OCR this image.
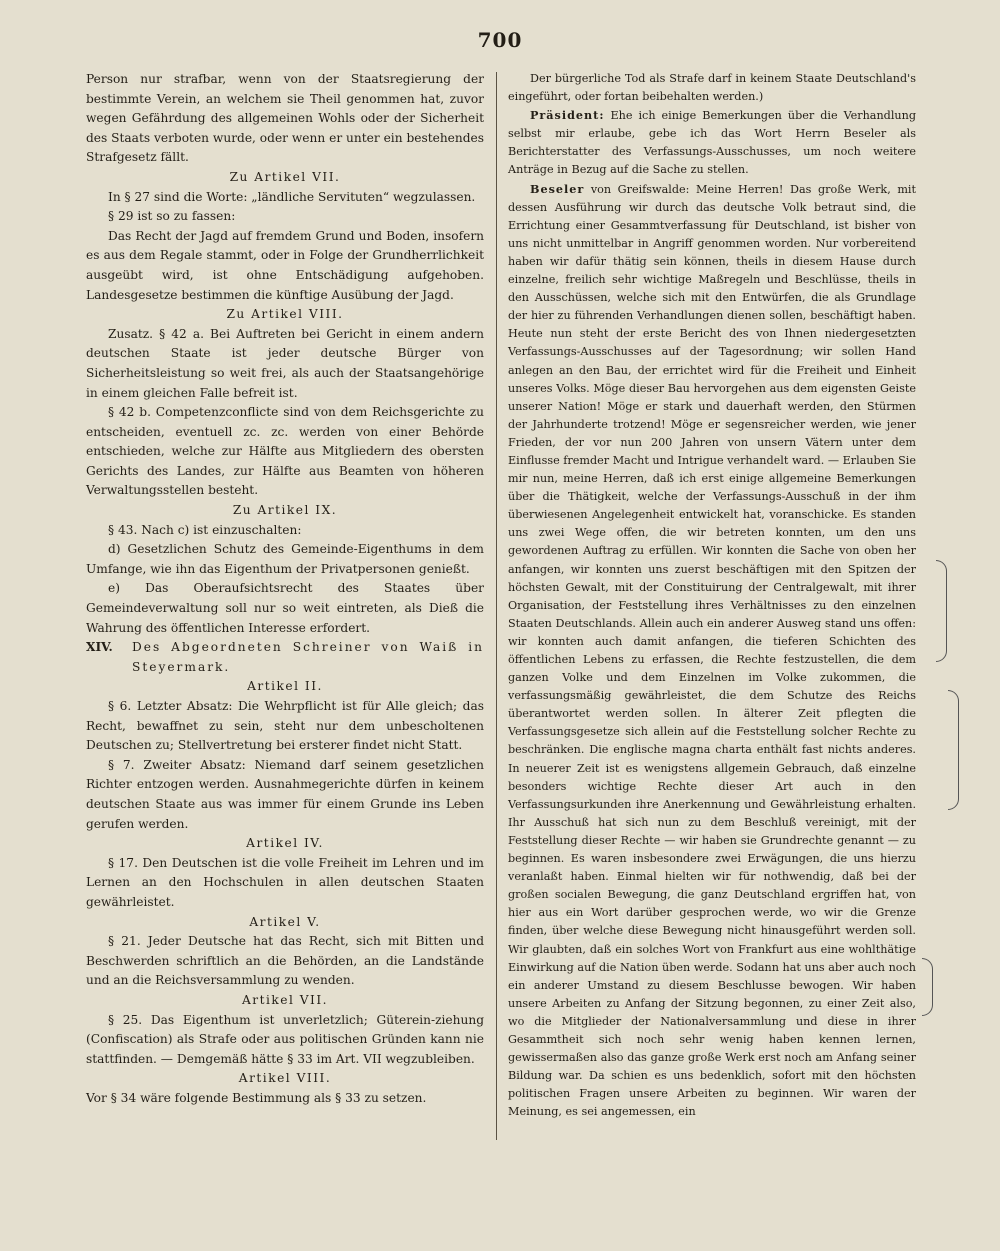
700

Person nur strafbar, wenn von der Staatsregierung der bestimmte Verein, an welchem sie Theil genommen hat, zuvor wegen Gefährdung des allgemeinen Wohls oder der Sicherheit des Staats verboten wurde, oder wenn er unter ein bestehendes Strafgesetz fällt.

Zu Artikel VII.

In § 27 sind die Worte: „ländliche Servituten“ wegzulassen.

§ 29 ist so zu fassen:

Das Recht der Jagd auf fremdem Grund und Boden, insofern es aus dem Regale stammt, oder in Folge der Grundherrlichkeit ausgeübt wird, ist ohne Entschädigung aufgehoben. Landesgesetze bestimmen die künftige Ausübung der Jagd.

Zu Artikel VIII.

Zusatz. § 42 a. Bei Auftreten bei Gericht in einem andern deutschen Staate ist jeder deutsche Bürger von Sicherheitsleistung so weit frei, als auch der Staatsangehörige in einem gleichen Falle befreit ist.

§ 42 b. Competenzconflicte sind von dem Reichsgerichte zu entscheiden, eventuell zc. zc. werden von einer Behörde entschieden, welche zur Hälfte aus Mitgliedern des obersten Gerichts des Landes, zur Hälfte aus Beamten von höheren Verwaltungsstellen besteht.

Zu Artikel IX.

§ 43. Nach c) ist einzuschalten:

d) Gesetzlichen Schutz des Gemeinde-Eigenthums in dem Umfange, wie ihn das Eigenthum der Privatpersonen genießt.

e) Das Oberaufsichtsrecht des Staates über Gemeindeverwaltung soll nur so weit eintreten, als Dieß die Wahrung des öffentlichen Interesse erfordert.

XIV.	Des Abgeordneten Schreiner von Waiß in Steyermark.

Artikel II.

§ 6. Letzter Absatz: Die Wehrpflicht ist für Alle gleich; das Recht, bewaffnet zu sein, steht nur dem unbescholtenen Deutschen zu; Stellvertretung bei ersterer findet nicht Statt.

§ 7. Zweiter Absatz: Niemand darf seinem gesetzlichen Richter entzogen werden. Ausnahmegerichte dürfen in keinem deutschen Staate aus was immer für einem Grunde ins Leben gerufen werden.

Artikel IV.

§ 17. Den Deutschen ist die volle Freiheit im Lehren und im Lernen an den Hochschulen in allen deutschen Staaten gewährleistet.

Artikel V.

§ 21. Jeder Deutsche hat das Recht, sich mit Bitten und Beschwerden schriftlich an die Behörden, an die Landstände und an die Reichsversammlung zu wenden.

Artikel VII.

§ 25. Das Eigenthum ist unverletzlich; Güterein-ziehung (Confiscation) als Strafe oder aus politischen Gründen kann nie stattfinden. — Demgemäß hätte § 33 im Art. VII wegzubleiben.

Artikel VIII.

Vor § 34 wäre folgende Bestimmung als § 33 zu setzen.

Der bürgerliche Tod als Strafe darf in keinem Staate Deutschland's eingeführt, oder fortan beibehalten werden.)

Präsident: Ehe ich einige Bemerkungen über die Verhandlung selbst mir erlaube, gebe ich das Wort Herrn Beseler als Berichterstatter des Verfassungs-Ausschusses, um noch weitere Anträge in Bezug auf die Sache zu stellen.

Beseler von Greifswalde: Meine Herren! Das große Werk, mit dessen Ausführung wir durch das deutsche Volk betraut sind, die Errichtung einer Gesammtverfassung für Deutschland, ist bisher von uns nicht unmittelbar in Angriff genommen worden. Nur vorbereitend haben wir dafür thätig sein können, theils in diesem Hause durch einzelne, freilich sehr wichtige Maßregeln und Beschlüsse, theils in den Ausschüssen, welche sich mit den Entwürfen, die als Grundlage der hier zu führenden Verhandlungen dienen sollen, beschäftigt haben. Heute nun steht der erste Bericht des von Ihnen niedergesetzten Verfassungs-Ausschusses auf der Tagesordnung; wir sollen Hand anlegen an den Bau, der errichtet wird für die Freiheit und Einheit unseres Volks. Möge dieser Bau hervorgehen aus dem eigensten Geiste unserer Nation! Möge er stark und dauerhaft werden, den Stürmen der Jahrhunderte trotzend! Möge er segensreicher werden, wie jener Frieden, der vor nun 200 Jahren von unsern Vätern unter dem Einflusse fremder Macht und Intrigue verhandelt ward. — Erlauben Sie mir nun, meine Herren, daß ich erst einige allgemeine Bemerkungen über die Thätigkeit, welche der Verfassungs-Ausschuß in der ihm überwiesenen Angelegenheit entwickelt hat, voranschicke. Es standen uns zwei Wege offen, die wir betreten konnten, um den uns gewordenen Auftrag zu erfüllen. Wir konnten die Sache von oben her anfangen, wir konnten uns zuerst beschäftigen mit den Spitzen der höchsten Gewalt, mit der Constituirung der Centralgewalt, mit ihrer Organisation, der Feststellung ihres Verhältnisses zu den einzelnen Staaten Deutschlands. Allein auch ein anderer Ausweg stand uns offen: wir konnten auch damit anfangen, die tieferen Schichten des öffentlichen Lebens zu erfassen, die Rechte festzustellen, die dem ganzen Volke und dem Einzelnen im Volke zukommen, die verfassungsmäßig gewährleistet, die dem Schutze des Reichs überantwortet werden sollen. In älterer Zeit pflegten die Verfassungsgesetze sich allein auf die Feststellung solcher Rechte zu beschränken. Die englische magna charta enthält fast nichts anderes. In neuerer Zeit ist es wenigstens allgemein Gebrauch, daß einzelne besonders wichtige Rechte dieser Art auch in den Verfassungsurkunden ihre Anerkennung und Gewährleistung erhalten. Ihr Ausschuß hat sich nun zu dem Beschluß vereinigt, mit der Feststellung dieser Rechte — wir haben sie Grundrechte genannt — zu beginnen. Es waren insbesondere zwei Erwägungen, die uns hierzu veranlaßt haben. Einmal hielten wir für nothwendig, daß bei der großen socialen Bewegung, die ganz Deutschland ergriffen hat, von hier aus ein Wort darüber gesprochen werde, wo wir die Grenze finden, über welche diese Bewegung nicht hinausgeführt werden soll. Wir glaubten, daß ein solches Wort von Frankfurt aus eine wohlthätige Einwirkung auf die Nation üben werde. Sodann hat uns aber auch noch ein anderer Umstand zu diesem Beschlusse bewogen. Wir haben unsere Arbeiten zu Anfang der Sitzung begonnen, zu einer Zeit also, wo die Mitglieder der Nationalversammlung und diese in ihrer Gesammtheit sich noch sehr wenig haben kennen lernen, gewissermaßen also das ganze große Werk erst noch am Anfang seiner Bildung war. Da schien es uns bedenklich, sofort mit den höchsten politischen Fragen unsere Arbeiten zu beginnen. Wir waren der Meinung, es sei angemessen, ein
